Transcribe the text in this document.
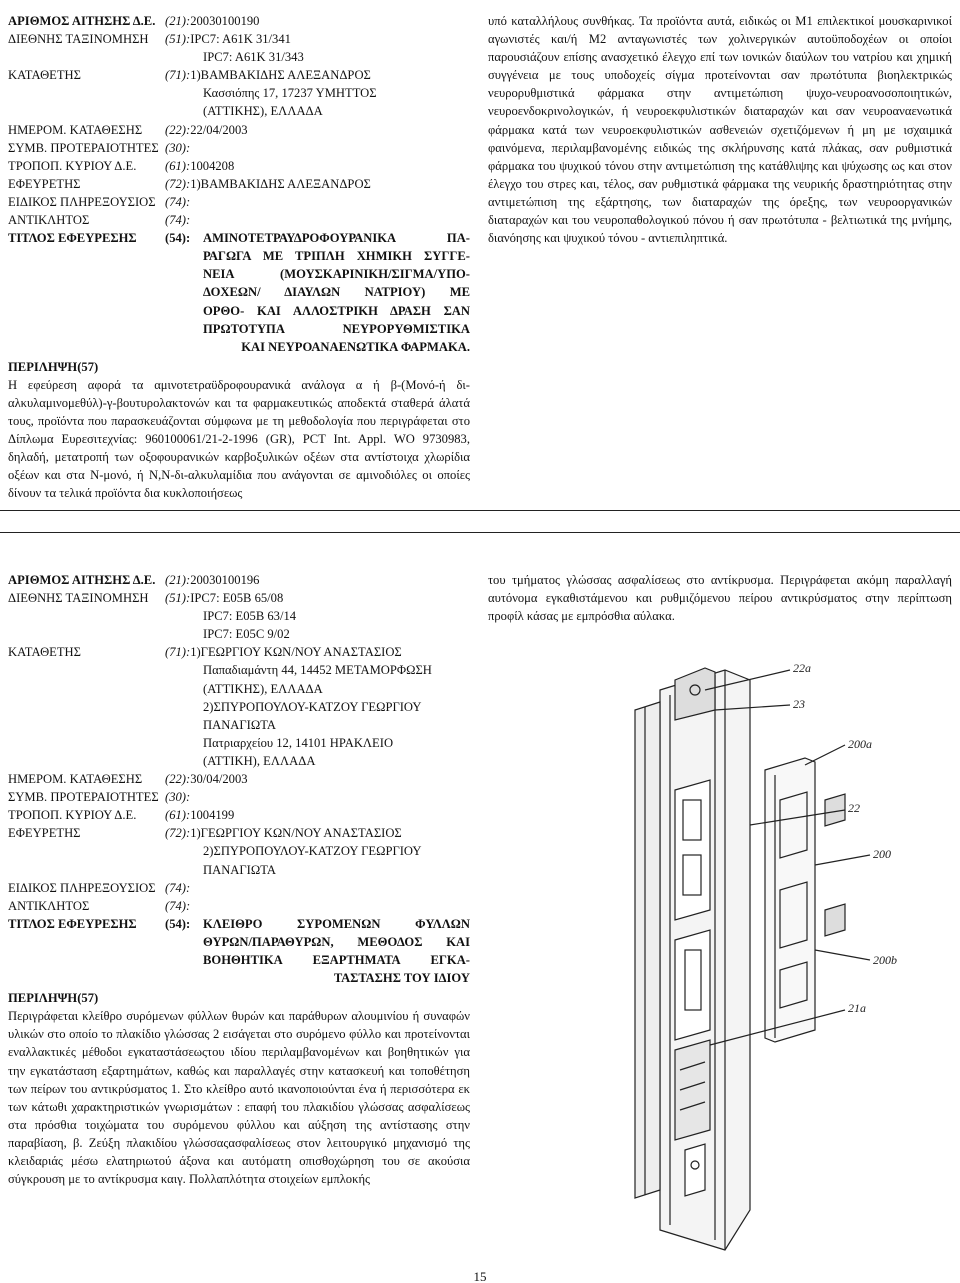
ΑΡΙΘΜΟΣ ΑΙΤΗΣΗΣ Δ.Ε. (21):20030100190
ΔΙΕΘΝΗΣ ΤΑΞΙΝΟΜΗΣΗ	(51):IPC7: A61K 31/341
IPC7: A61K 31/343
ΚΑΤΑΘΕΤΗΣ	(71):1)ΒΑΜΒΑΚΙΔΗΣ ΑΛΕΞΑΝΔΡΟΣ
Κασσιόπης 17, 17237 ΥΜΗΤΤΟΣ
(ΑΤΤΙΚΗΣ), ΕΛΛΑΔΑ
ΗΜΕΡΟΜ. ΚΑΤΑΘΕΣΗΣ	(22):22/04/2003
ΣΥΜΒ. ΠΡΟΤΕΡΑΙΟΤΗΤΕΣ (30):
ΤΡΟΠΟΠ. ΚΥΡΙΟΥ Δ.Ε.	(61):1004208
ΕΦΕΥΡΕΤΗΣ	(72):1)ΒΑΜΒΑΚΙΔΗΣ ΑΛΕΞΑΝΔΡΟΣ
ΕΙΔΙΚΟΣ ΠΛΗΡΕΞΟΥΣΙΟΣ (74):
ΑΝΤΙΚΛΗΤΟΣ	(74):
ΤΙΤΛΟΣ ΕΦΕΥΡΕΣΗΣ	(54):	ΑΜΙΝΟΤΕΤΡΑΥΔΡΟΦΟΥΡΑΝΙΚΑ ΠΑ-
ΡΑΓΩΓΑ ΜΕ ΤΡΙΠΛΗ ΧΗΜΙΚΗ ΣΥΓΓΕ-
ΝΕΙΑ (ΜΟΥΣΚΑΡΙΝΙΚΗ/ΣΙΓΜΑ/ΥΠΟ-
ΔΟΧΕΩΝ/ ΔΙΑΥΛΩΝ ΝΑΤΡΙΟΥ) ΜΕ
ΟΡΘΟ- ΚΑΙ ΑΛΛΟΣΤΡΙΚΗ ΔΡΑΣΗ ΣΑΝ
ΠΡΩΤΟΤΥΠΑ ΝΕΥΡΟΡΥΘΜΙΣΤΙΚΑ
ΚΑΙ ΝΕΥΡΟΑΝΑΕΝΩΤΙΚΑ ΦΑΡΜΑΚΑ.
ΠΕΡΙΛΗΨΗ(57)
Η εφεύρεση αφορά τα αμινοτετραϋδροφουρανικά ανάλογα α ή β-(Μονό-ή δι-αλκυλαμινομεθύλ)-γ-βουτυρολακτονών και τα φαρμακευτικώς αποδεκτά σταθερά άλατά τους, προϊόντα που παρασκευάζονται σύμφωνα με τη μεθοδολογία που περιγράφεται στο Δίπλωμα Ευρεσιτεχνίας: 960100061/21-2-1996 (GR), PCT Int. Appl. WO 9730983, δηλαδή, μετατροπή των οξοφουρανικών καρβοξυλικών οξέων στα αντίστοιχα χλωρίδια οξέων και στα Ν-μονό, ή N,N-δι-αλκυλαμίδια που ανάγονται σε αμινοδιόλες οι οποίες δίνουν τα τελικά προϊόντα δια κυκλοποιήσεως
υπό καταλλήλους συνθήκας. Τα προϊόντα αυτά, ειδικώς οι Μ1 επιλεκτικοί μουσκαρινικοί αγωνιστές και/ή Μ2 ανταγωνιστές των χολινεργικών αυτοϋποδοχέων οι οποίοι παρουσιάζουν επίσης ανασχετικό έλεγχο επί των ιονικών διαύλων του νατρίου και χημική συγγένεια με τους υποδοχείς σίγμα προτείνονται σαν πρωτότυπα βιοηλεκτρικώς νευρορυθμιστικά φάρμακα στην αντιμετώπιση ψυχο-νευροανοσοποιητικών, νευροενδοκρινολογικών, ή νευροεκφυλιστικών διαταραχών και σαν νευροαναενωτικά φάρμακα κατά των νευροεκφυλιστικών ασθενειών σχετιζόμενων ή μη με ισχαιμικά φαινόμενα, περιλαμβανομένης ειδικώς της σκλήρυνσης κατά πλάκας, σαν ρυθμιστικά φάρμακα του ψυχικού τόνου στην αντιμετώπιση της κατάθλιψης και ψύχωσης ως και στον έλεγχο του στρες και, τέλος, σαν ρυθμιστικά φάρμακα της νευρικής δραστηριότητας στην αντιμετώπιση της εξάρτησης, των διαταραχών της όρεξης, των νευροοργανικών διαταραχών και του νευροπαθολογικού πόνου ή σαν πρωτότυπα - βελτιωτικά της μνήμης, διανόησης και ψυχικού τόνου - αντιεπιληπτικά.
ΑΡΙΘΜΟΣ ΑΙΤΗΣΗΣ Δ.Ε. (21):20030100196
ΔΙΕΘΝΗΣ ΤΑΞΙΝΟΜΗΣΗ	(51):IPC7: E05B 65/08
IPC7: E05B 63/14
IPC7: E05C 9/02
ΚΑΤΑΘΕΤΗΣ	(71):1)ΓΕΩΡΓΙΟΥ ΚΩΝ/ΝΟΥ ΑΝΑΣΤΑΣΙΟΣ
Παπαδιαμάντη 44, 14452 ΜΕΤΑΜΟΡΦΩΣΗ
(ΑΤΤΙΚΗΣ), ΕΛΛΑΔΑ
2)ΣΠΥΡΟΠΟΥΛΟΥ-ΚΑΤΖΟΥ ΓΕΩΡΓΙΟΥ
ΠΑΝΑΓΙΩΤΑ
Πατριαρχείου 12, 14101 ΗΡΑΚΛΕΙΟ
(ΑΤΤΙΚΗ), ΕΛΛΑΔΑ
ΗΜΕΡΟΜ. ΚΑΤΑΘΕΣΗΣ	(22):30/04/2003
ΣΥΜΒ. ΠΡΟΤΕΡΑΙΟΤΗΤΕΣ (30):
ΤΡΟΠΟΠ. ΚΥΡΙΟΥ Δ.Ε.	(61):1004199
ΕΦΕΥΡΕΤΗΣ	(72):1)ΓΕΩΡΓΙΟΥ ΚΩΝ/ΝΟΥ ΑΝΑΣΤΑΣΙΟΣ
2)ΣΠΥΡΟΠΟΥΛΟΥ-ΚΑΤΖΟΥ ΓΕΩΡΓΙΟΥ
ΠΑΝΑΓΙΩΤΑ
ΕΙΔΙΚΟΣ ΠΛΗΡΕΞΟΥΣΙΟΣ (74):
ΑΝΤΙΚΛΗΤΟΣ	(74):
ΤΙΤΛΟΣ ΕΦΕΥΡΕΣΗΣ	(54):	ΚΛΕΙΘΡΟ ΣΥΡΟΜΕΝΩΝ ΦΥΛΛΩΝ
ΘΥΡΩΝ/ΠΑΡΑΘΥΡΩΝ, ΜΕΘΟΔΟΣ ΚΑΙ
ΒΟΗΘΗΤΙΚΑ ΕΞΑΡΤΗΜΑΤΑ ΕΓΚΑ-
ΤΑΣΤΑΣΗΣ ΤΟΥ ΙΔΙΟΥ
ΠΕΡΙΛΗΨΗ(57)
Περιγράφεται κλείθρο συρόμενων φύλλων θυρών και παράθυρων αλουμινίου ή συναφών υλικών στο οποίο το πλακίδιο γλώσσας 2 εισάγεται στο συρόμενο φύλλο και προτείνονται εναλλακτικές μέθοδοι εγκαταστάσεωςτου ιδίου περιλαμβανομένων και βοηθητικών για την εγκατάσταση εξαρτημάτων, καθώς και παραλλαγές στην κατασκευή και τοποθέτηση των πείρων του αντικρύσματος 1. Στο κλείθρο αυτό ικανοποιούνται ένα ή περισσότερα εκ των κάτωθι χαρακτηριστικών γνωρισμάτων : επαφή του πλακιδίου γλώσσας ασφαλίσεως στα πρόσθια τοιχώματα του συρόμενου φύλλου και αύξηση της αντίστασης στην παραβίαση, β. Ζεύξη πλακιδίου γλώσσαςασφαλίσεως στον λειτουργικό μηχανισμό της κλειδαριάς μέσω ελατηριωτού άξονα και αυτόματη οπισθοχώρηση του σε ακούσια σύγκρουση με το αντίκρυσμα καιγ. Πολλαπλότητα στοιχείων εμπλοκής
του τμήματος γλώσσας ασφαλίσεως στο αντίκρυσμα. Περιγράφεται ακόμη παραλλαγή αυτόνομα εγκαθιστάμενου και ρυθμιζόμενου πείρου αντικρύσματος στην περίπτωση προφίλ κάσας με εμπρόσθια αύλακα.
22a
23
200a
22
200
200b
21a
15
